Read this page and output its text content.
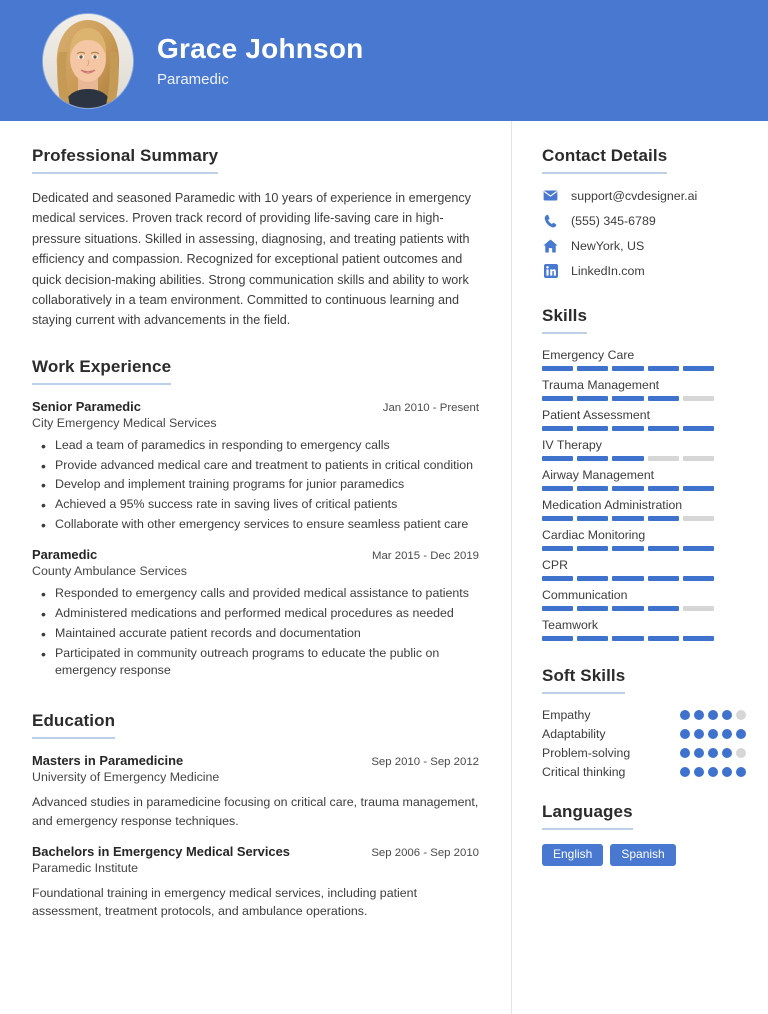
Grace Johnson
Paramedic
Professional Summary
Dedicated and seasoned Paramedic with 10 years of experience in emergency medical services. Proven track record of providing life-saving care in high-pressure situations. Skilled in assessing, diagnosing, and treating patients with efficiency and compassion. Recognized for exceptional patient outcomes and quick decision-making abilities. Strong communication skills and ability to work collaboratively in a team environment. Committed to continuous learning and staying current with advancements in the field.
Work Experience
Senior Paramedic	Jan 2010 - Present
City Emergency Medical Services
• Lead a team of paramedics in responding to emergency calls
• Provide advanced medical care and treatment to patients in critical condition
• Develop and implement training programs for junior paramedics
• Achieved a 95% success rate in saving lives of critical patients
• Collaborate with other emergency services to ensure seamless patient care
Paramedic	Mar 2015 - Dec 2019
County Ambulance Services
• Responded to emergency calls and provided medical assistance to patients
• Administered medications and performed medical procedures as needed
• Maintained accurate patient records and documentation
• Participated in community outreach programs to educate the public on emergency response
Education
Masters in Paramedicine	Sep 2010 - Sep 2012
University of Emergency Medicine
Advanced studies in paramedicine focusing on critical care, trauma management, and emergency response techniques.
Bachelors in Emergency Medical Services	Sep 2006 - Sep 2010
Paramedic Institute
Foundational training in emergency medical services, including patient assessment, treatment protocols, and ambulance operations.
Contact Details
support@cvdesigner.ai
(555) 345-6789
NewYork, US
LinkedIn.com
Skills
Emergency Care
Trauma Management
Patient Assessment
IV Therapy
Airway Management
Medication Administration
Cardiac Monitoring
CPR
Communication
Teamwork
Soft Skills
Empathy
Adaptability
Problem-solving
Critical thinking
Languages
English	Spanish
